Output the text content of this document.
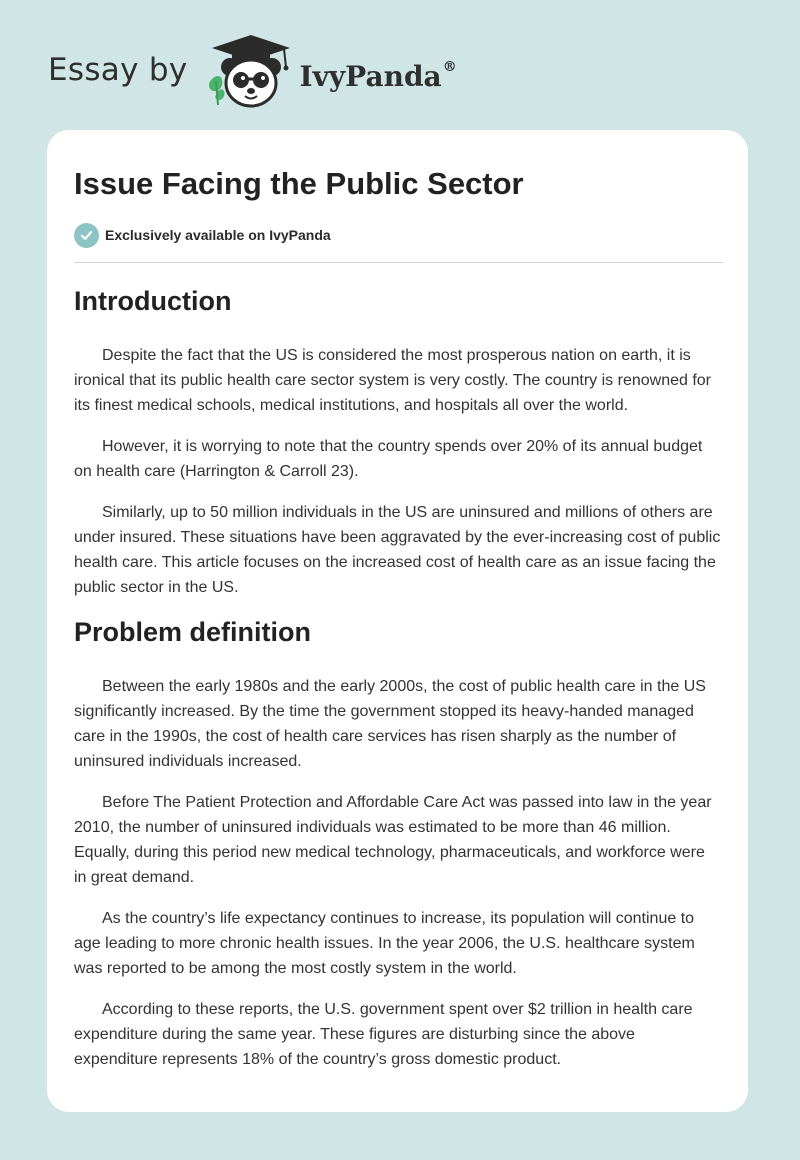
Essay by	IvyPanda®
Issue Facing the Public Sector
Exclusively available on IvyPanda
Introduction

Despite the fact that the US is considered the most prosperous nation on earth, it is ironical that its public health care sector system is very costly. The country is renowned for its finest medical schools, medical institutions, and hospitals all over the world.

However, it is worrying to note that the country spends over 20% of its annual budget on health care (Harrington & Carroll 23).

Similarly, up to 50 million individuals in the US are uninsured and millions of others are under insured. These situations have been aggravated by the ever-increasing cost of public health care. This article focuses on the increased cost of health care as an issue facing the public sector in the US.

Problem definition

Between the early 1980s and the early 2000s, the cost of public health care in the US significantly increased. By the time the government stopped its heavy-handed managed care in the 1990s, the cost of health care services has risen sharply as the number of uninsured individuals increased.

Before The Patient Protection and Affordable Care Act was passed into law in the year 2010, the number of uninsured individuals was estimated to be more than 46 million. Equally, during this period new medical technology, pharmaceuticals, and workforce were in great demand.

As the country’s life expectancy continues to increase, its population will continue to age leading to more chronic health issues. In the year 2006, the U.S. healthcare system was reported to be among the most costly system in the world.

According to these reports, the U.S. government spent over $2 trillion in health care expenditure during the same year. These figures are disturbing since the above expenditure represents 18% of the country’s gross domestic product.
